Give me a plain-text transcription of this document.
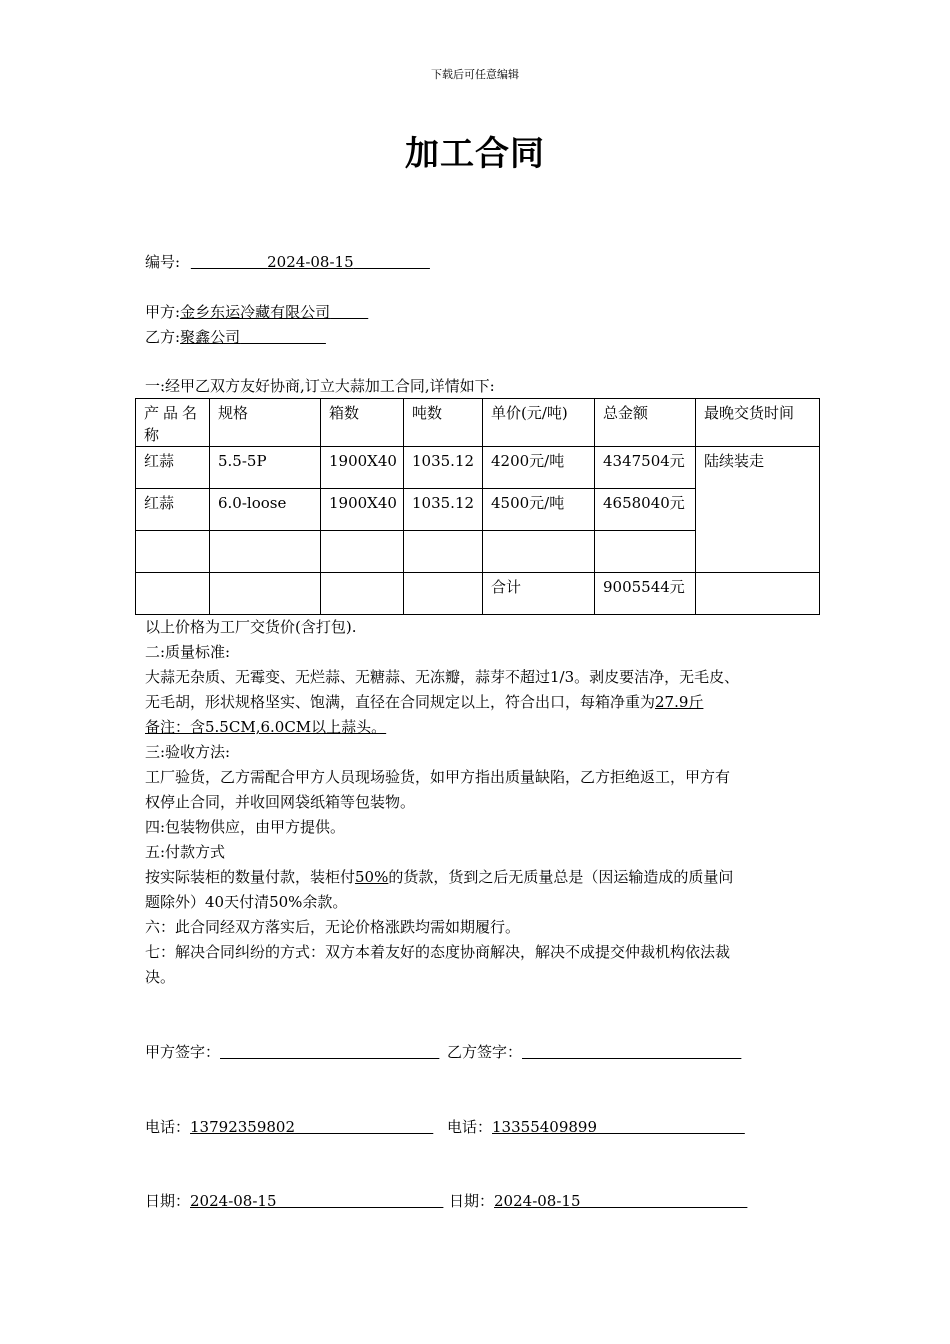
下载后可任意编辑
加工合同
编号:	2024-08-15
甲方:金乡东运冷藏有限公司
乙方:聚鑫公司
一:经甲乙双方友好协商,订立大蒜加工合同,详情如下:
产品名称	规格	箱数	吨数	单价(元/吨)	总金额	最晚交货时间
红蒜	5.5-5P	1900X40	1035.12	4200元/吨	4347504元	陆续装走
红蒜	6.0-loose	1900X40	1035.12	4500元/吨	4658040元	

				合计	9005544元	
以上价格为工厂交货价(含打包).
二:质量标准:
大蒜无杂质、无霉变、无烂蒜、无糖蒜、无冻瓣，蒜芽不超过1/3。剥皮要洁净，无毛皮、
无毛胡，形状规格坚实、饱满，直径在合同规定以上，符合出口，每箱净重为27.9斤
备注：含5.5CM,6.0CM以上蒜头。
三:验收方法:
工厂验货，乙方需配合甲方人员现场验货，如甲方指出质量缺陷，乙方拒绝返工，甲方有
权停止合同，并收回网袋纸箱等包装物。
四:包装物供应，由甲方提供。
五:付款方式
按实际装柜的数量付款，装柜付50%的货款，货到之后无质量总是（因运输造成的质量问
题除外）40天付清50%余款。
六：此合同经双方落实后，无论价格涨跌均需如期履行。
七：解决合同纠纷的方式：双方本着友好的态度协商解决，解决不成提交仲裁机构依法裁
决。
甲方签字：	乙方签字：
电话：13792359802	电话：13355409899
日期：2024-08-15	日期：2024-08-15
